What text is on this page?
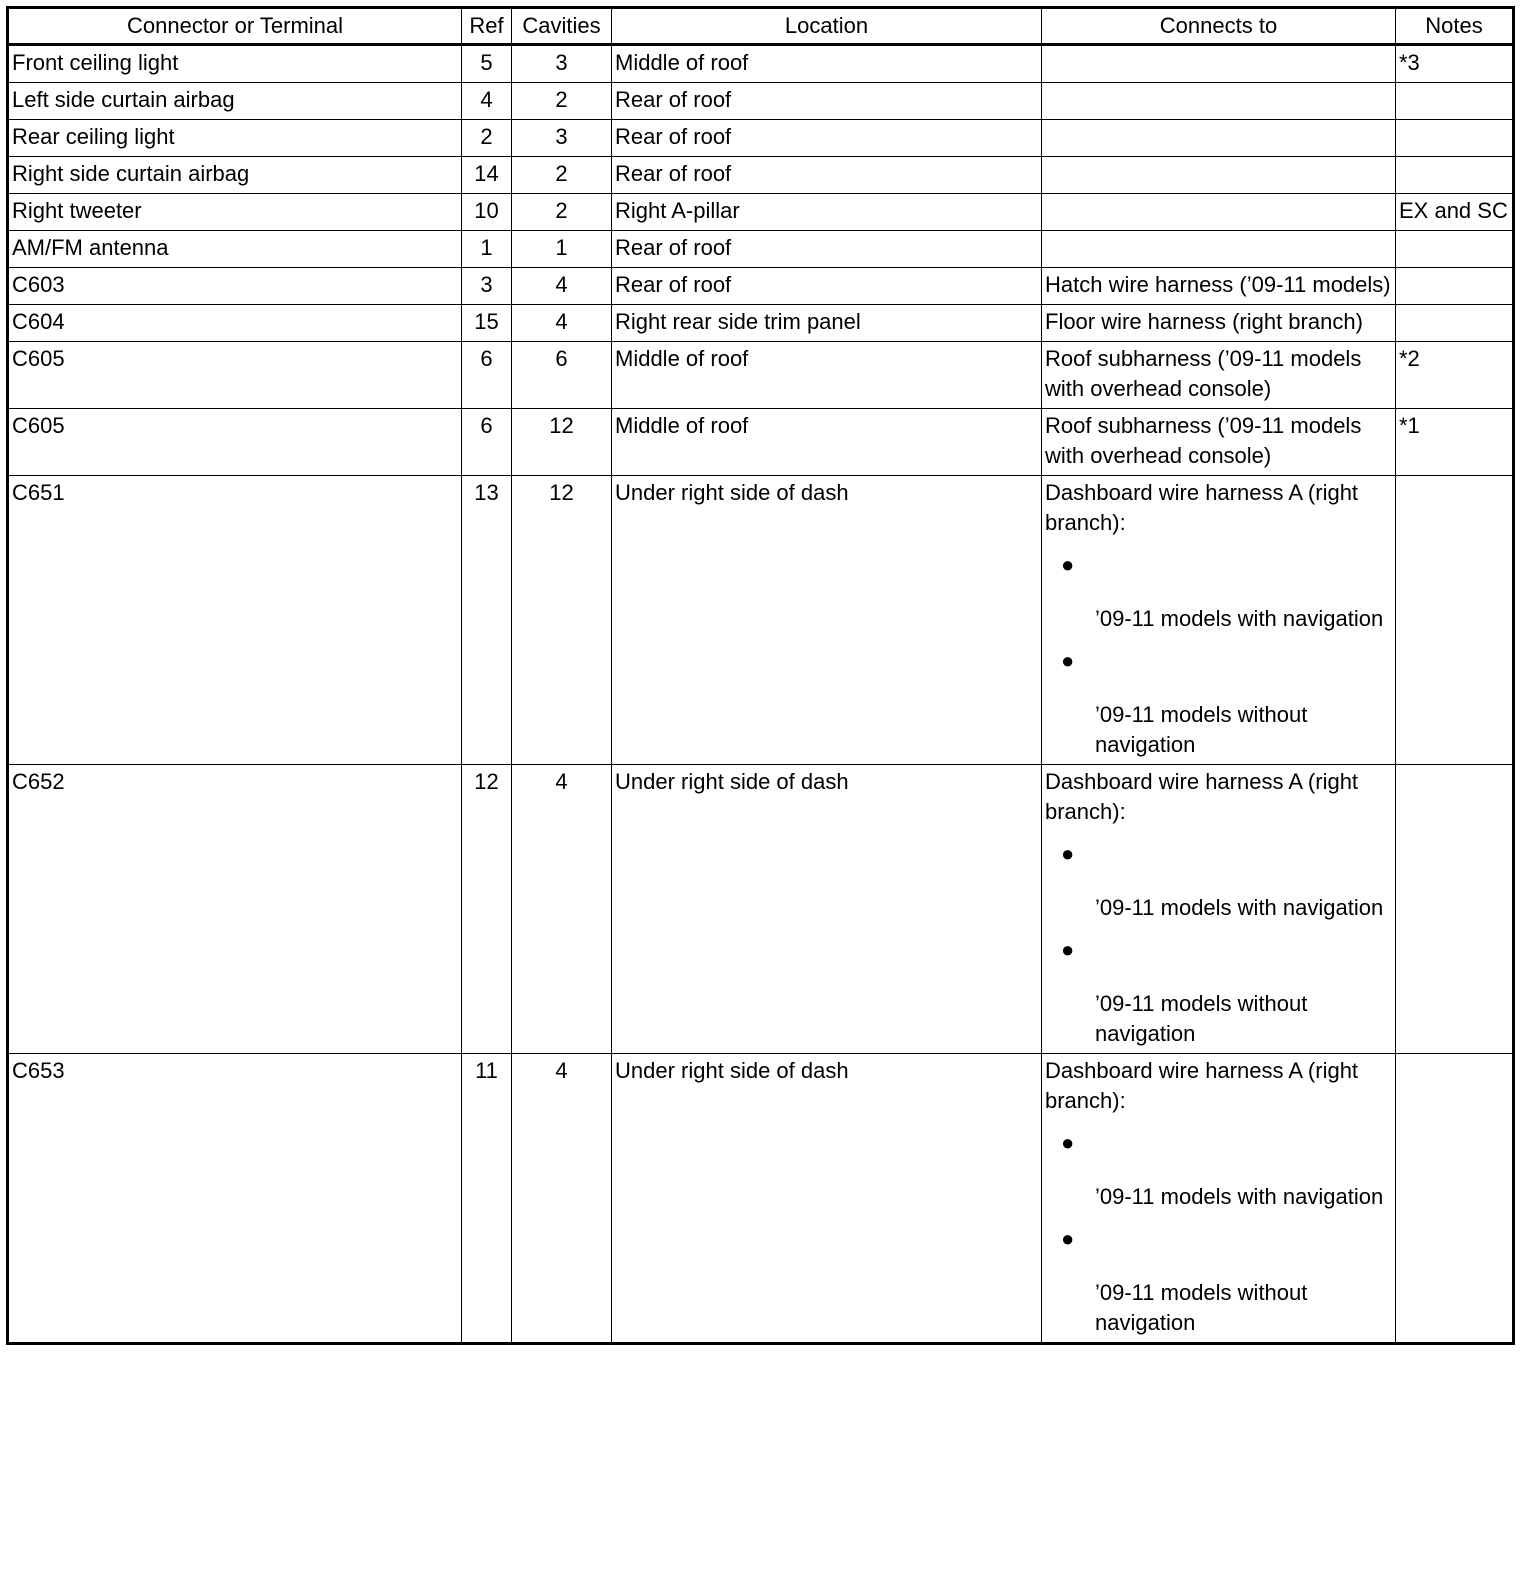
Connector or Terminal	Ref	Cavities	Location	Connects to	Notes
Front ceiling light	5	3	Middle of roof		*3
Left side curtain airbag	4	2	Rear of roof		
Rear ceiling light	2	3	Rear of roof		
Right side curtain airbag	14	2	Rear of roof		
Right tweeter	10	2	Right A-pillar		EX and SC
AM/FM antenna	1	1	Rear of roof		
C603	3	4	Rear of roof	Hatch wire harness (’09-11 models)	
C604	15	4	Right rear side trim panel	Floor wire harness (right branch)	
C605	6	6	Middle of roof	Roof subharness (’09-11 models with overhead console)	*2
C605	6	12	Middle of roof	Roof subharness (’09-11 models with overhead console)	*1
C651	13	12	Under right side of dash	Dashboard wire harness A (right branch):
●
’09-11 models with navigation
●
’09-11 models without navigation	

C652	12	4	Under right side of dash	Dashboard wire harness A (right branch):
●
’09-11 models with navigation
●
’09-11 models without navigation	

C653	11	4	Under right side of dash	Dashboard wire harness A (right branch):
●
’09-11 models with navigation
●
’09-11 models without navigation	
